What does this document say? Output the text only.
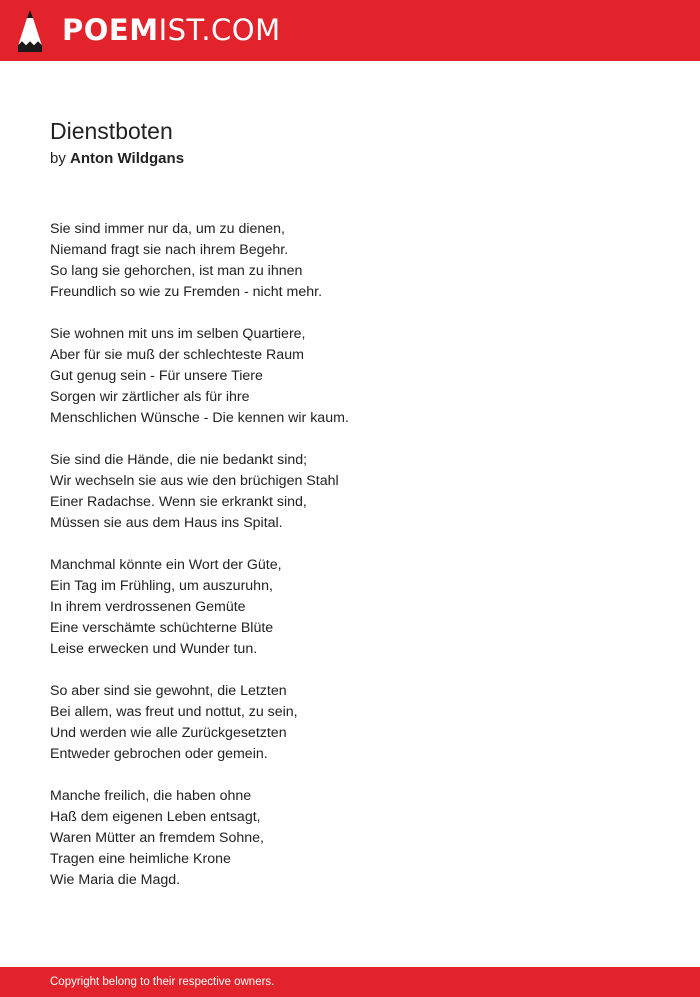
POEMIST.COM
Dienstboten
by Anton Wildgans
Sie sind immer nur da, um zu dienen,
Niemand fragt sie nach ihrem Begehr.
So lang sie gehorchen, ist man zu ihnen
Freundlich so wie zu Fremden - nicht mehr.
Sie wohnen mit uns im selben Quartiere,
Aber für sie muß der schlechteste Raum
Gut genug sein - Für unsere Tiere
Sorgen wir zärtlicher als für ihre
Menschlichen Wünsche - Die kennen wir kaum.
Sie sind die Hände, die nie bedankt sind;
Wir wechseln sie aus wie den brüchigen Stahl
Einer Radachse. Wenn sie erkrankt sind,
Müssen sie aus dem Haus ins Spital.
Manchmal könnte ein Wort der Güte,
Ein Tag im Frühling, um auszuruhn,
In ihrem verdrossenen Gemüte
Eine verschämte schüchterne Blüte
Leise erwecken und Wunder tun.
So aber sind sie gewohnt, die Letzten
Bei allem, was freut und nottut, zu sein,
Und werden wie alle Zurückgesetzten
Entweder gebrochen oder gemein.
Manche freilich, die haben ohne
Haß dem eigenen Leben entsagt,
Waren Mütter an fremdem Sohne,
Tragen eine heimliche Krone
Wie Maria die Magd.
Copyright belong to their respective owners.
